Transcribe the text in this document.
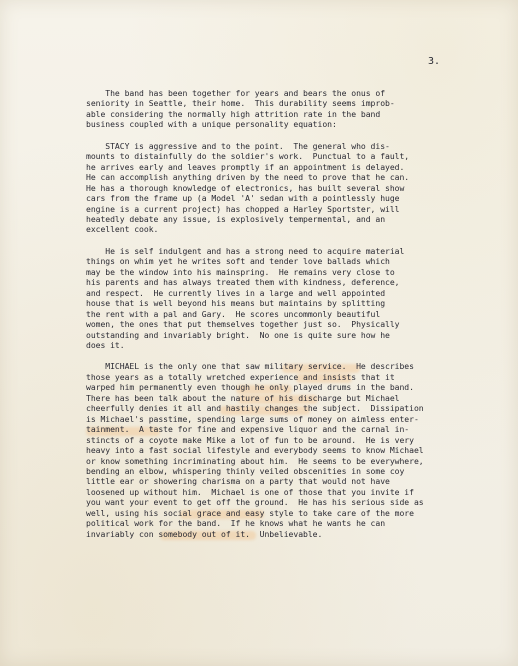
3.
The band has been together for years and bears the onus of
seniority in Seattle, their home.  This durability seems improb-
able considering the normally high attrition rate in the band
business coupled with a unique personality equation:
STACY is aggressive and to the point.  The general who dis-
mounts to distainfully do the soldier's work.  Punctual to a fault,
he arrives early and leaves promptly if an appointment is delayed.
He can accomplish anything driven by the need to prove that he can.
He has a thorough knowledge of electronics, has built several show
cars from the frame up (a Model 'A' sedan with a pointlessly huge
engine is a current project) has chopped a Harley Sportster, will
heatedly debate any issue, is explosively tempermental, and an
excellent cook.
He is self indulgent and has a strong need to acquire material
things on whim yet he writes soft and tender love ballads which
may be the window into his mainspring.  He remains very close to
his parents and has always treated them with kindness, deference,
and respect.  He currently lives in a large and well appointed
house that is well beyond his means but maintains by splitting
the rent with a pal and Gary.  He scores uncommonly beautiful
women, the ones that put themselves together just so.  Physically
outstanding and invariably bright.  No one is quite sure how he
does it.
MICHAEL is the only one that saw military service.  He describes
those years as a totally wretched experience and insists that it
warped him permanently even though he only played drums in the band.
There has been talk about the nature of his discharge but Michael
cheerfully denies it all and hastily changes the subject.  Dissipation
is Michael's passtime, spending large sums of money on aimless enter-
tainment.  A taste for fine and expensive liquor and the carnal in-
stincts of a coyote make Mike a lot of fun to be around.  He is very
heavy into a fast social lifestyle and everybody seems to know Michael
or know something incriminating about him.  He seems to be everywhere,
bending an elbow, whispering thinly veiled obscenities in some coy
little ear or showering charisma on a party that would not have
loosened up without him.  Michael is one of those that you invite if
you want your event to get off the ground.  He has his serious side as
well, using his social grace and easy style to take care of the more
political work for the band.  If he knows what he wants he can
invariably con somebody out of it.  Unbelievable.
